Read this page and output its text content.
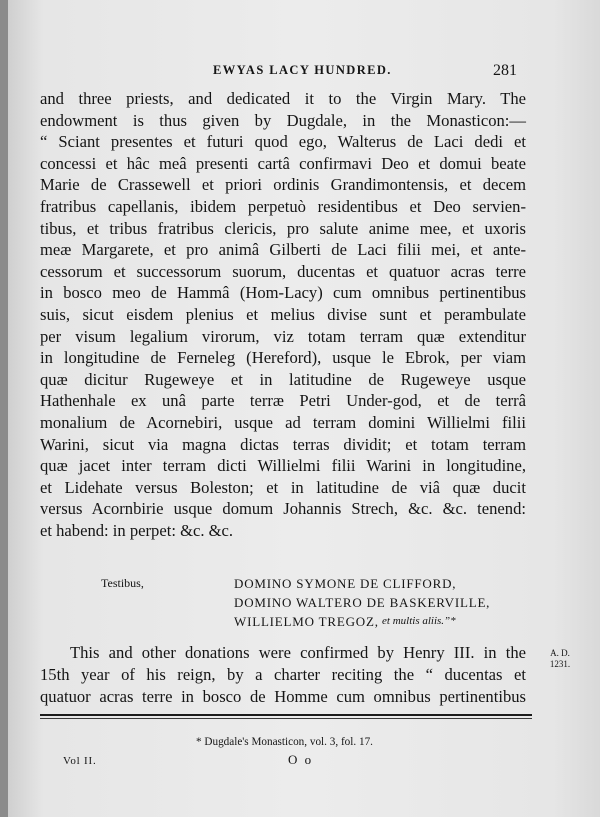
EWYAS LACY HUNDRED.	281
and three priests, and dedicated it to the Virgin Mary. The
endowment is thus given by Dugdale, in the Monasticon:—
“ Sciant presentes et futuri quod ego, Walterus de Laci dedi et
concessi et hâc meâ presenti cartâ confirmavi Deo et domui beate
Marie de Crassewell et priori ordinis Grandimontensis, et decem
fratribus capellanis, ibidem perpetuò residentibus et Deo servien-
tibus, et tribus fratribus clericis, pro salute anime mee, et uxoris
meæ Margarete, et pro animâ Gilberti de Laci filii mei, et ante-
cessorum et successorum suorum, ducentas et quatuor acras terre
in bosco meo de Hammâ (Hom-Lacy) cum omnibus pertinentibus
suis, sicut eisdem plenius et melius divise sunt et perambulate
per visum legalium virorum, viz totam terram quæ extenditur
in longitudine de Ferneleg (Hereford), usque le Ebrok, per viam
quæ dicitur Rugeweye et in latitudine de Rugeweye usque
Hathenhale ex unâ parte terræ Petri Under-god, et de terrâ
monalium de Acornebiri, usque ad terram domini Willielmi filii
Warini, sicut via magna dictas terras dividit; et totam terram
quæ jacet inter terram dicti Willielmi filii Warini in longitudine,
et Lidehate versus Boleston; et in latitudine de viâ quæ ducit
versus Acornbirie usque domum Johannis Strech, &c. &c. tenend:
et habend: in perpet: &c. &c.
Testibus,	DOMINO SYMONE DE CLIFFORD,
DOMINO WALTERO DE BASKERVILLE,
WILLIELMO TREGOZ,
et multis aliis.”*
This and other donations were confirmed by Henry III. in the
15th year of his reign, by a charter reciting the “ ducentas et
quatuor acras terre in bosco de Homme cum omnibus pertinentibus
A. D.
1231.
* Dugdale's Monasticon, vol. 3, fol. 17.
Vol II.	O o
